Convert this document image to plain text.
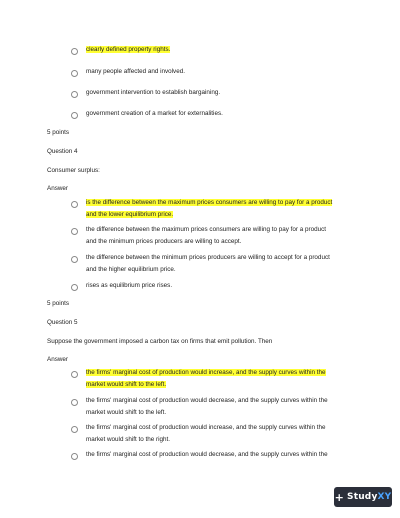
clearly defined property rights.
many people affected and involved.
government intervention to establish bargaining.
government creation of a market for externalities.
5 points
Question 4
Consumer surplus:
Answer
is the difference between the maximum prices consumers are willing to pay for a product
and the lower equilibrium price.
the difference between the maximum prices consumers are willing to pay for a product
and the minimum prices producers are willing to accept.
the difference between the minimum prices producers are willing to accept for a product
and the higher equilibrium price.
rises as equilibrium price rises.
5 points
Question 5
Suppose the government imposed a carbon tax on firms that emit pollution. Then
Answer
the firms' marginal cost of production would increase, and the supply curves within the
market would shift to the left.
the firms' marginal cost of production would decrease, and the supply curves within the
market would shift to the left.
the firms' marginal cost of production would increase, and the supply curves within the
market would shift to the right.
the firms' marginal cost of production would decrease, and the supply curves within the
+ Study XY
